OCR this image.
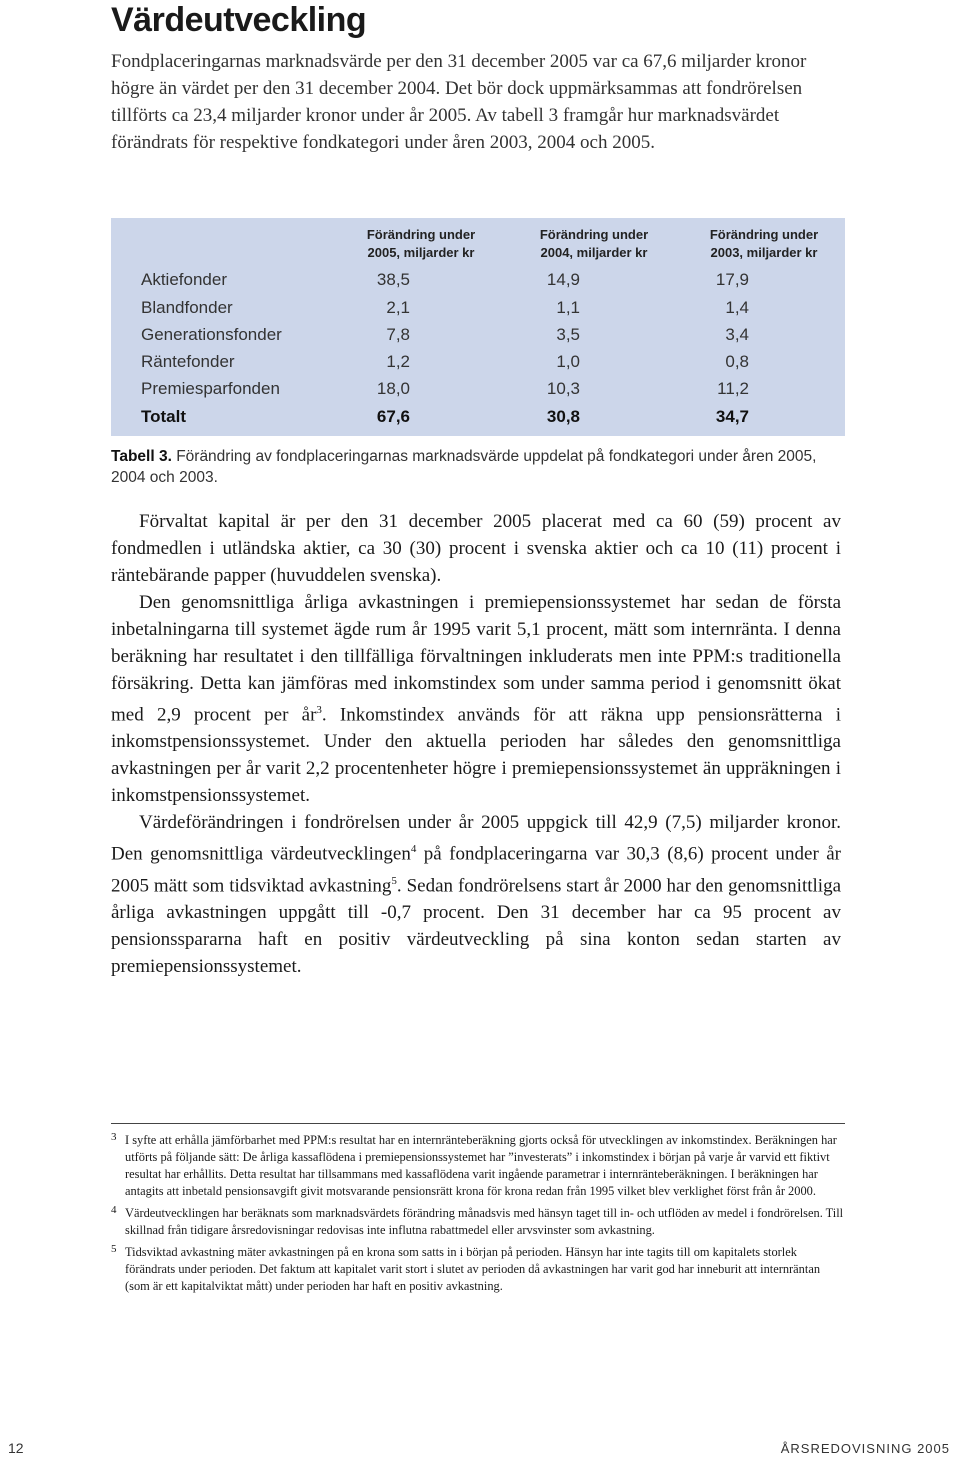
Värdeutveckling

Fondplaceringarnas marknadsvärde per den 31 december 2005 var ca 67,6 miljarder kronor högre än värdet per den 31 december 2004. Det bör dock uppmärksammas att fondrörelsen tillförts ca 23,4 miljarder kronor under år 2005. Av tabell 3 framgår hur marknadsvärdet förändrats för respektive fondkategori under åren 2003, 2004 och 2005.

Förändring under
2005, miljarder kr
Förändring under
2004, miljarder kr
Förändring under
2003, miljarder kr
Aktiefonder	38,5	14,9	17,9
Blandfonder	2,1	1,1	1,4
Generationsfonder	7,8	3,5	3,4
Räntefonder	1,2	1,0	0,8
Premiesparfonden	18,0	10,3	11,2
Totalt	67,6	30,8	34,7

Tabell 3. Förändring av fondplaceringarnas marknadsvärde uppdelat på fondkategori under åren 2005, 2004 och 2003.

Förvaltat kapital är per den 31 december 2005 placerat med ca 60 (59) procent av fondmedlen i utländska aktier, ca 30 (30) procent i svenska aktier och ca 10 (11) procent i räntebärande papper (huvuddelen svenska).

Den genomsnittliga årliga avkastningen i premiepensionssystemet har sedan de första inbetalningarna till systemet ägde rum år 1995 varit 5,1 procent, mätt som internränta. I denna beräkning har resultatet i den tillfälliga förvaltningen inkluderats men inte PPM:s traditionella försäkring. Detta kan jämföras med inkomstindex som under samma period i genomsnitt ökat med 2,9 procent per $år^3$. Inkomstindex används för att räkna upp pensionsrätterna i inkomstpensionssystemet. Under den aktuella perioden har således den genomsnittliga avkastningen per år varit 2,2 procentenheter högre i premiepensionssystemet än uppräkningen i inkomstpensionssystemet.

Värdeförändringen i fondrörelsen under år 2005 uppgick till 42,9 (7,5) miljarder kronor. Den genomsnittliga värdeutvecklingen$^4$ på fondplaceringarna var 30,3 (8,6) procent under år 2005 mätt som tidsviktad avkastning$^5$. Sedan fondrörelsens start år 2000 har den genomsnittliga årliga avkastningen uppgått till -0,7 procent. Den 31 december har ca 95 procent av pensionsspararna haft en positiv värdeutveckling på sina konton sedan starten av premiepensionssystemet.

3 I syfte att erhålla jämförbarhet med PPM:s resultat har en internränteberäkning gjorts också för utvecklingen av inkomstindex. Beräkningen har utförts på följande sätt: De årliga kassaflödena i premiepensionssystemet har ”investerats” i inkomstindex i början på varje år varvid ett fiktivt resultat har erhållits. Detta resultat har tillsammans med kassaflödena varit ingående parametrar i internränteberäkningen. I beräkningen har antagits att inbetald pensionsavgift givit motsvarande pensionsrätt krona för krona redan från 1995 vilket blev verklighet först från år 2000.
4 Värdeutvecklingen har beräknats som marknadsvärdets förändring månadsvis med hänsyn taget till in- och utflöden av medel i fondrörelsen. Till skillnad från tidigare årsredovisningar redovisas inte influtna rabattmedel eller arvsvinster som avkastning.
5 Tidsviktad avkastning mäter avkastningen på en krona som satts in i början på perioden. Hänsyn har inte tagits till om kapitalets storlek förändrats under perioden. Det faktum att kapitalet varit stort i slutet av perioden då avkastningen har varit god har inneburit att internräntan (som är ett kapitalviktat mått) under perioden har haft en positiv avkastning.
12	ÅRSREDOVISNING 2005
